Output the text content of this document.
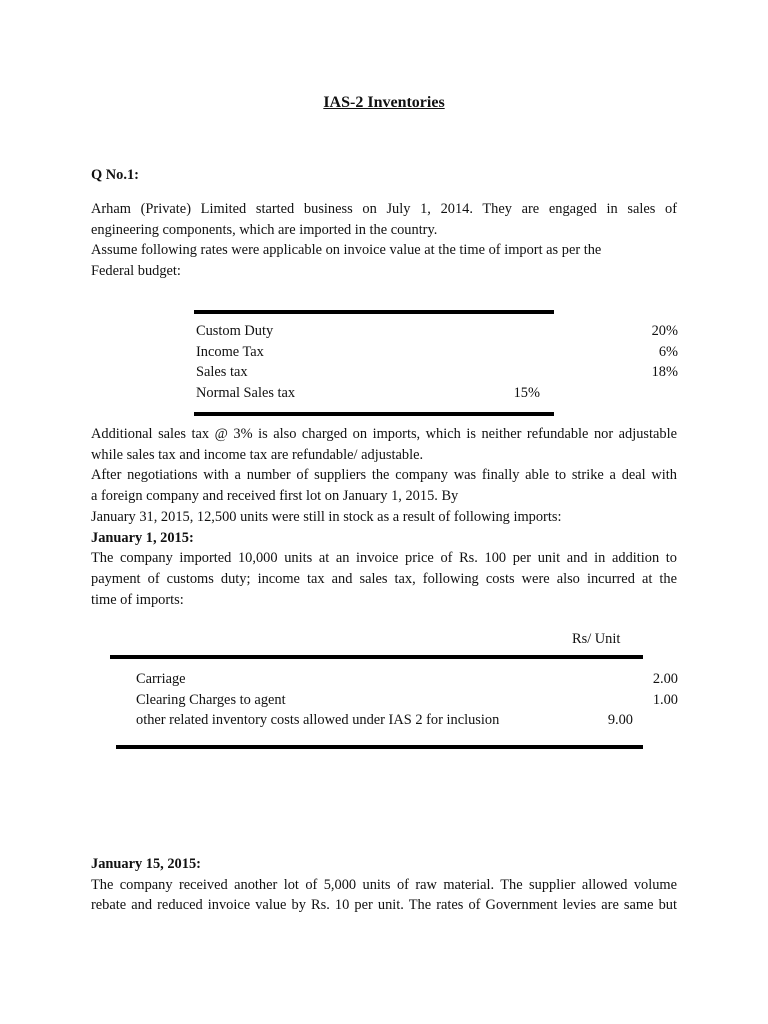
IAS-2 Inventories
Q No.1:
Arham (Private) Limited started business on July 1, 2014. They are engaged in sales of
engineering components, which are imported in the country.
Assume following rates were applicable on invoice value at the time of import as per the
Federal budget:
Custom Duty	20%
Income Tax	6%
Sales tax	18%
Normal Sales tax	15%
Additional sales tax @ 3% is also charged on imports, which is neither refundable nor adjustable
while sales tax and income tax are refundable/ adjustable.
After negotiations with a number of suppliers the company was finally able to strike a deal with
a foreign company and received first lot on January 1, 2015. By
January 31, 2015, 12,500 units were still in stock as a result of following imports:
January 1, 2015:
The company imported 10,000 units at an invoice price of Rs. 100 per unit and in addition to
payment of customs duty; income tax and sales tax, following costs were also incurred at the
time of imports:
Rs/ Unit
Carriage	2.00
Clearing Charges to agent	1.00
other related inventory costs allowed under IAS 2 for inclusion	9.00
January 15, 2015:
The company received another lot of 5,000 units of raw material. The supplier allowed volume
rebate and reduced invoice value by Rs. 10 per unit. The rates of Government levies are same but
